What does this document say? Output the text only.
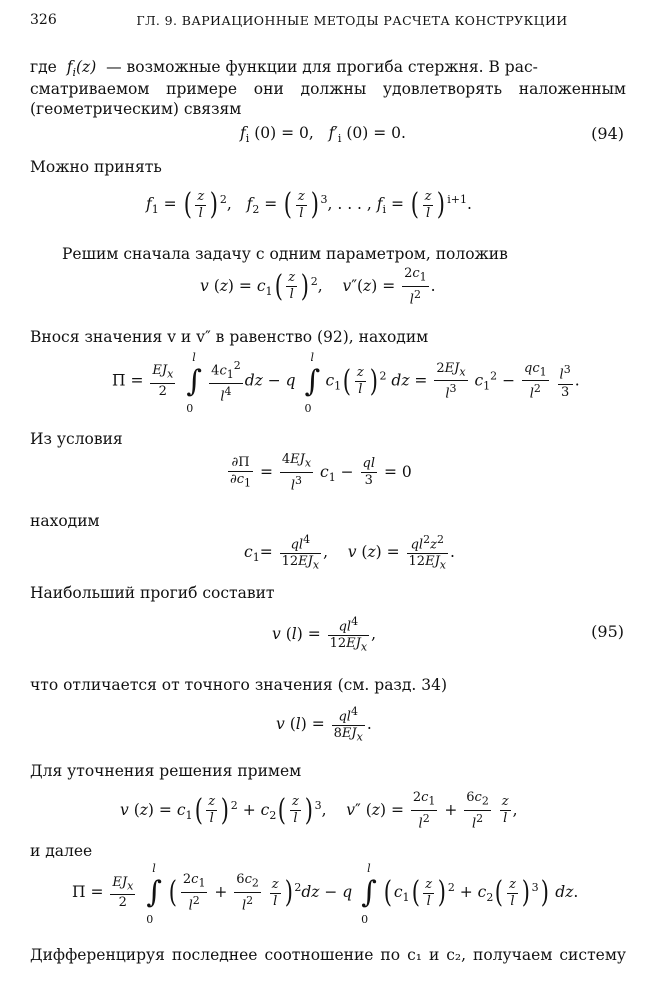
326	ГЛ. 9. ВАРИАЦИОННЫЕ МЕТОДЫ РАСЧЕТА КОНСТРУКЦИИ
где  $f_i(z)$  — возможные функции для прогиба стержня. В рас-
сматриваемом примере они должны удовлетворять наложенным
(геометрическим) связям
$f_i$ (0) = 0,   $f'_i$ (0) = 0.	(94)
Можно принять
$f_1$ = ( $\frac{z}{l}$ ) $^2$,   $f_2$ = ( $\frac{z}{l}$ ) $^3$, . . . , $f_i$ = ( $\frac{z}{l}$ ) $^{i+1}$.
Решим сначала задачу с одним параметром, положив
v $(z) = c_1( \frac{z}{l}$ ) $^2$,    $v''(z) = \frac{2c_1}{l^2}$ .
Внося значения v и v″ в равенство (92), находим
$П = \frac{EJ_x}{2}$
∫
l
0

$\frac{4c_1^2}{l^4}$ dz − q ∫
l
0
$c_1( \frac{z}{l}$ ) $^2$ dz = $\frac{2EJ_x}{l^3} c_1^2 - \frac{qc_1}{l^2}$
$\frac{l^3}{3}$ .
Из условия
$\frac{\partial П}{\partial c_1} = \frac{4EJ_x}{l^3} c_1 - \frac{ql}{3} = 0$
находим
$c_1= \frac{ql^4}{12EJ_x}$ ,    v $(z) = \frac{ql^2z^2}{12EJ_x}$ .
Наибольший прогиб составит
v $(l) = \frac{ql^4}{12EJ_x}$ ,	(95)
что отличается от точного значения (см. разд. 34)
v $(l) = \frac{ql^4}{8EJ_x}$ .
Для уточнения решения примем
v $(z) = c_1( \frac{z}{l}$ ) $^2 + c_2( \frac{z}{l}$ ) $^3$,    v″ $(z) = \frac{2c_1}{l^2} + \frac{6c_2}{l^2}$
$\frac{z}{l}$ ,
и далее
$П = \frac{EJ_x}{2}$
∫
l
0
( $\frac{2c_1}{l^2} + \frac{6c_2}{l^2}$
$\frac{z}{l}$ ) $^2$dz − q ∫
l
0
( $c_1( \frac{z}{l}$ ) $^2 + c_2( \frac{z}{l}$ ) $^3$) dz.
Дифференцируя последнее соотношение по c₁ и c₂, получаем систему
